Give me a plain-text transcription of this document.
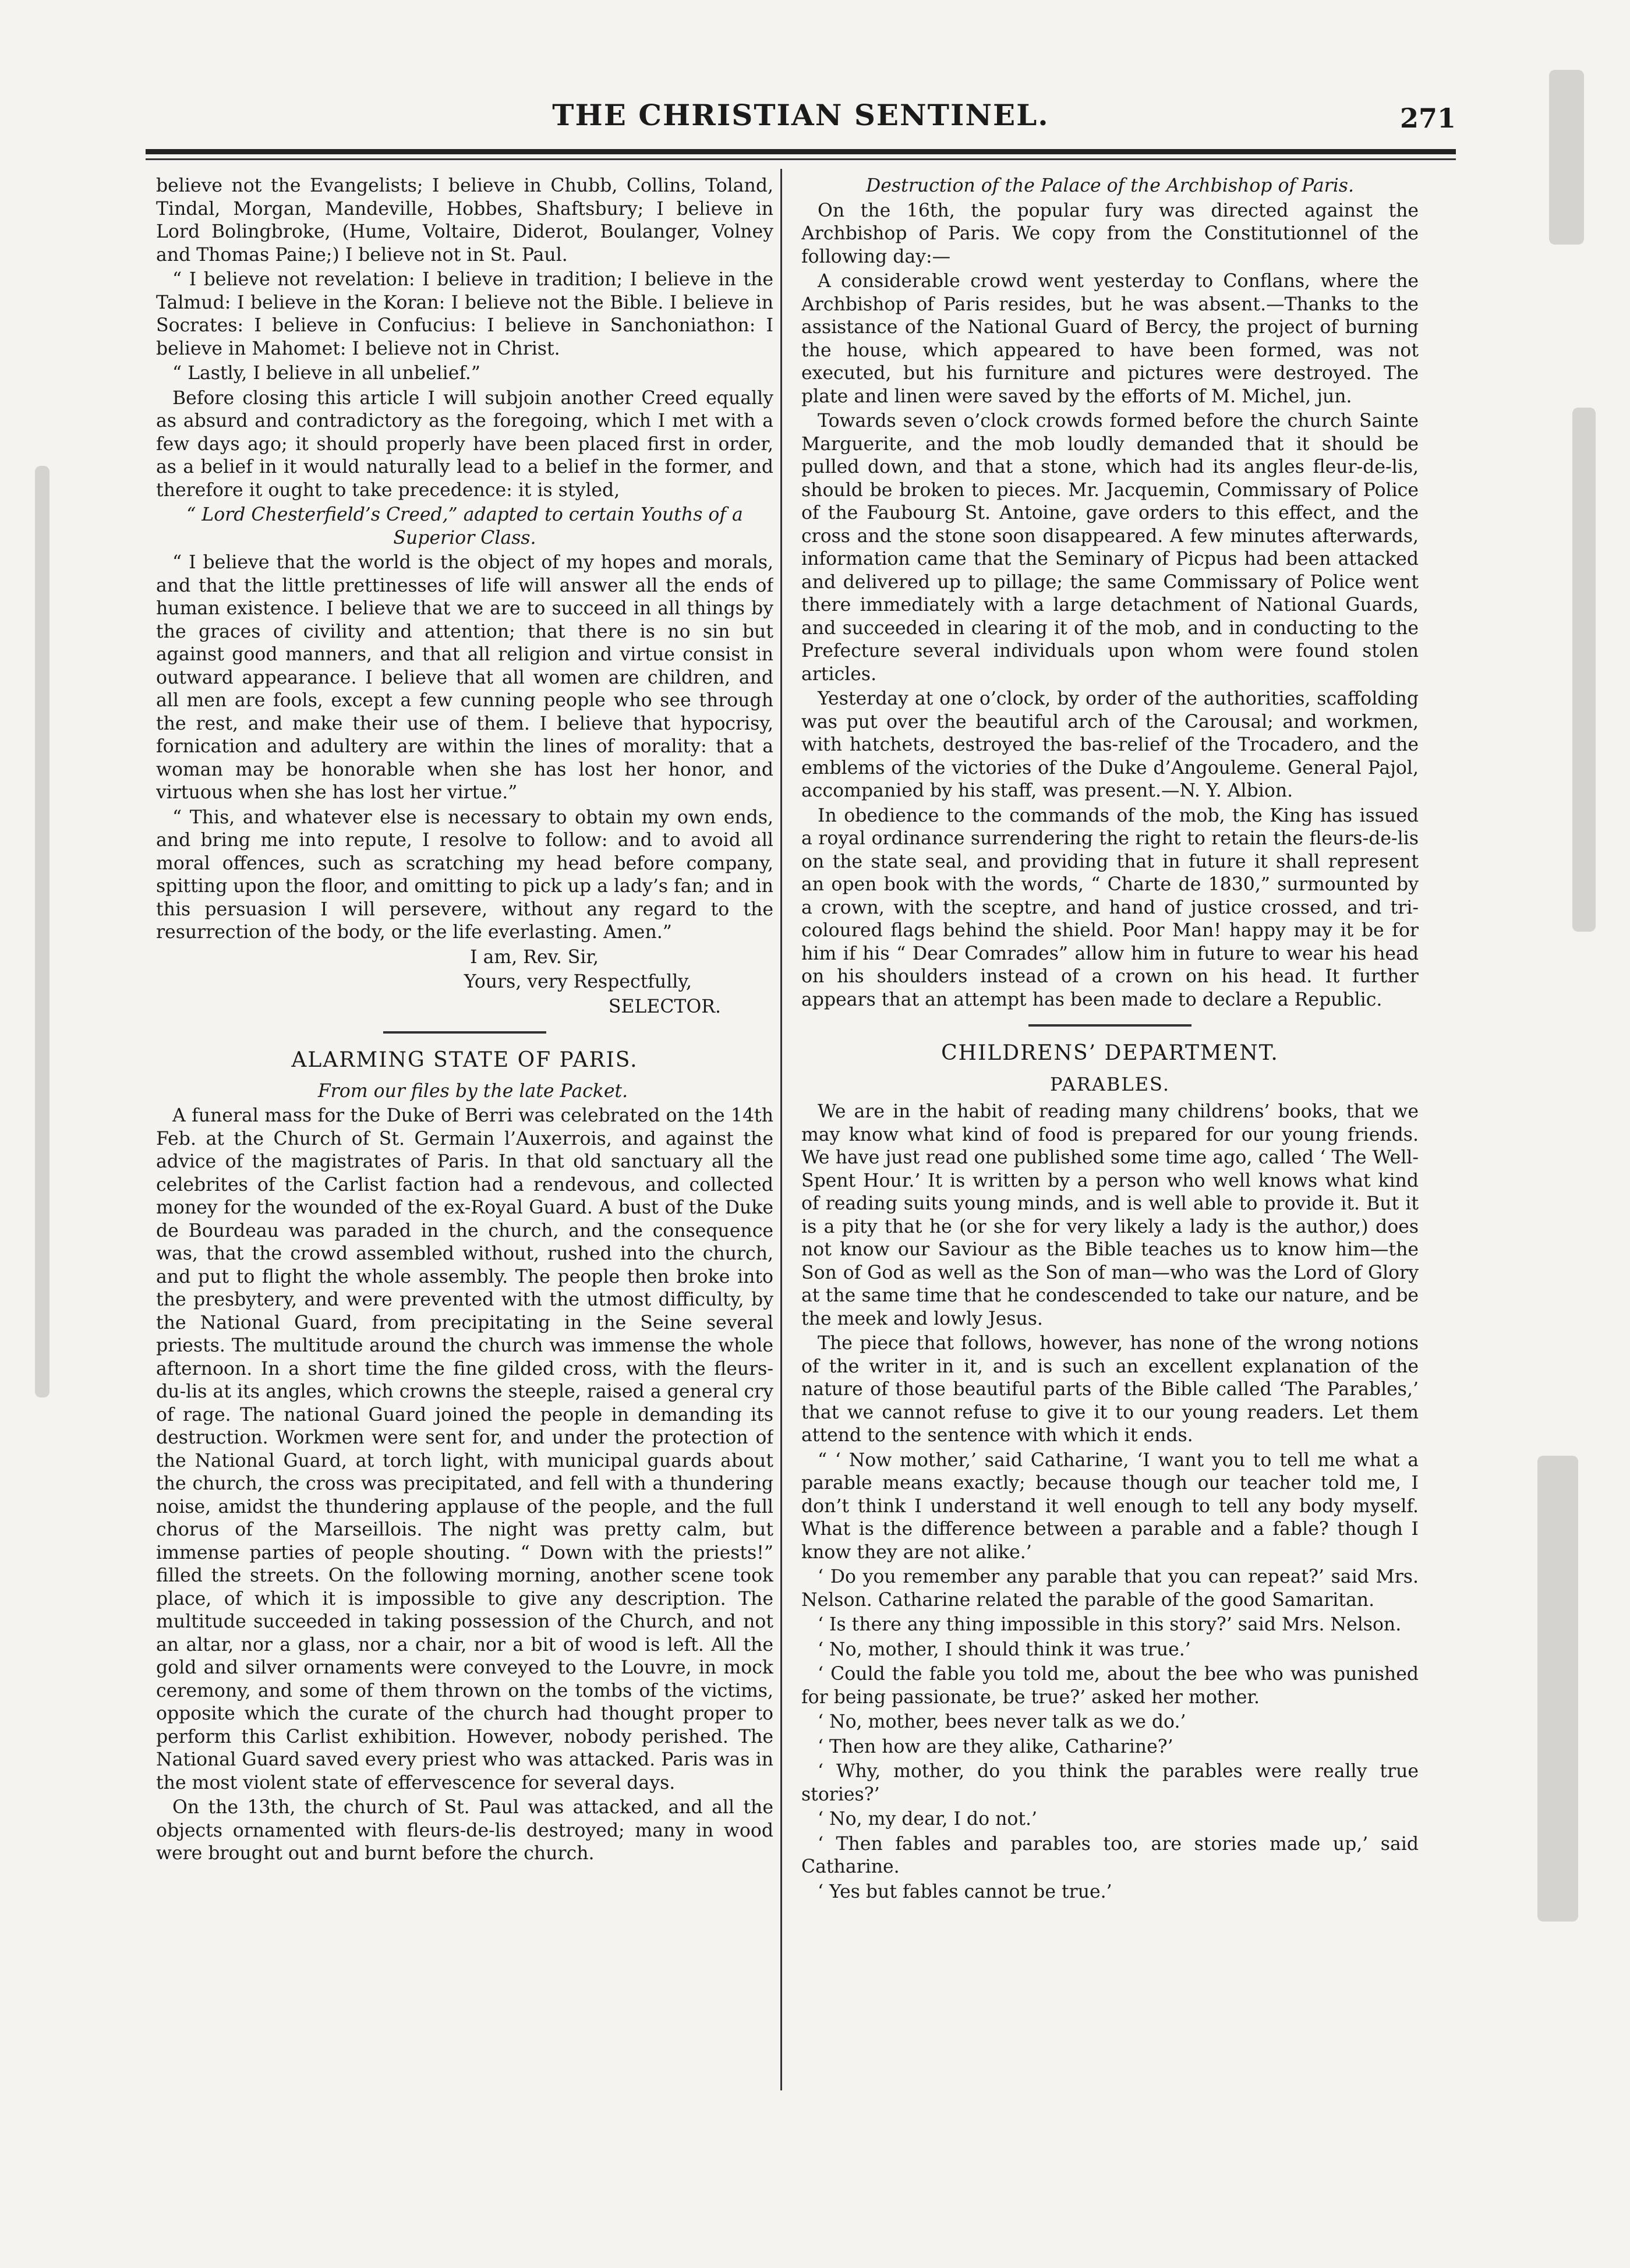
THE CHRISTIAN SENTINEL.	271

believe not the Evangelists; I believe in Chubb, Collins, Toland, Tindal, Morgan, Mandeville, Hobbes, Shaftsbury; I believe in Lord Bolingbroke, (Hume, Voltaire, Diderot, Boulanger, Volney and Thomas Paine;) I believe not in St. Paul.

“ I believe not revelation: I believe in tradition; I believe in the Talmud: I believe in the Koran: I believe not the Bible. I believe in Socrates: I believe in Confucius: I believe in Sanchoniathon: I believe in Mahomet: I believe not in Christ.

“ Lastly, I believe in all unbelief.”

Before closing this article I will subjoin another Creed equally as absurd and contradictory as the foregoing, which I met with a few days ago; it should properly have been placed first in order, as a belief in it would naturally lead to a belief in the former, and therefore it ought to take precedence: it is styled,

“ Lord Chesterfield’s Creed,” adapted to certain Youths of a Superior Class.

“ I believe that the world is the object of my hopes and morals, and that the little prettinesses of life will answer all the ends of human existence. I believe that we are to succeed in all things by the graces of civility and attention; that there is no sin but against good manners, and that all religion and virtue consist in outward appearance. I believe that all women are children, and all men are fools, except a few cunning people who see through the rest, and make their use of them. I believe that hypocrisy, fornication and adultery are within the lines of morality: that a woman may be honorable when she has lost her honor, and virtuous when she has lost her virtue.”

“ This, and whatever else is necessary to obtain my own ends, and bring me into repute, I resolve to follow: and to avoid all moral offences, such as scratching my head before company, spitting upon the floor, and omitting to pick up a lady’s fan; and in this persuasion I will persevere, without any regard to the resurrection of the body, or the life everlasting. Amen.”

I am, Rev. Sir,

Yours, very Respectfully,

SELECTOR.

ALARMING STATE OF PARIS.

From our files by the late Packet.

A funeral mass for the Duke of Berri was celebrated on the 14th Feb. at the Church of St. Germain l’Auxerrois, and against the advice of the magistrates of Paris. In that old sanctuary all the celebrites of the Carlist faction had a rendevous, and collected money for the wounded of the ex-Royal Guard. A bust of the Duke de Bourdeau was paraded in the church, and the consequence was, that the crowd assembled without, rushed into the church, and put to flight the whole assembly. The people then broke into the presbytery, and were prevented with the utmost difficulty, by the National Guard, from precipitating in the Seine several priests. The multitude around the church was immense the whole afternoon. In a short time the fine gilded cross, with the fleurs-du-lis at its angles, which crowns the steeple, raised a general cry of rage. The national Guard joined the people in demanding its destruction. Workmen were sent for, and under the protection of the National Guard, at torch light, with municipal guards about the church, the cross was precipitated, and fell with a thundering noise, amidst the thundering applause of the people, and the full chorus of the Marseillois. The night was pretty calm, but immense parties of people shouting. “ Down with the priests!” filled the streets. On the following morning, another scene took place, of which it is impossible to give any description. The multitude succeeded in taking possession of the Church, and not an altar, nor a glass, nor a chair, nor a bit of wood is left. All the gold and silver ornaments were conveyed to the Louvre, in mock ceremony, and some of them thrown on the tombs of the victims, opposite which the curate of the church had thought proper to perform this Carlist exhibition. However, nobody perished. The National Guard saved every priest who was attacked. Paris was in the most violent state of effervescence for several days.

On the 13th, the church of St. Paul was attacked, and all the objects ornamented with fleurs-de-lis destroyed; many in wood were brought out and burnt before the church.

Destruction of the Palace of the Archbishop of Paris.

On the 16th, the popular fury was directed against the Archbishop of Paris. We copy from the Constitutionnel of the following day:—

A considerable crowd went yesterday to Conflans, where the Archbishop of Paris resides, but he was absent.—Thanks to the assistance of the National Guard of Bercy, the project of burning the house, which appeared to have been formed, was not executed, but his furniture and pictures were destroyed. The plate and linen were saved by the efforts of M. Michel, jun.

Towards seven o’clock crowds formed before the church Sainte Marguerite, and the mob loudly demanded that it should be pulled down, and that a stone, which had its angles fleur-de-lis, should be broken to pieces. Mr. Jacquemin, Commissary of Police of the Faubourg St. Antoine, gave orders to this effect, and the cross and the stone soon disappeared. A few minutes afterwards, information came that the Seminary of Picpus had been attacked and delivered up to pillage; the same Commissary of Police went there immediately with a large detachment of National Guards, and succeeded in clearing it of the mob, and in conducting to the Prefecture several individuals upon whom were found stolen articles.

Yesterday at one o’clock, by order of the authorities, scaffolding was put over the beautiful arch of the Carousal; and workmen, with hatchets, destroyed the bas-relief of the Trocadero, and the emblems of the victories of the Duke d’Angouleme. General Pajol, accompanied by his staff, was present.—N. Y. Albion.

In obedience to the commands of the mob, the King has issued a royal ordinance surrendering the right to retain the fleurs-de-lis on the state seal, and providing that in future it shall represent an open book with the words, “ Charte de 1830,” surmounted by a crown, with the sceptre, and hand of justice crossed, and tri-coloured flags behind the shield. Poor Man! happy may it be for him if his “ Dear Comrades” allow him in future to wear his head on his shoulders instead of a crown on his head. It further appears that an attempt has been made to declare a Republic.

CHILDRENS’ DEPARTMENT.
PARABLES.

We are in the habit of reading many childrens’ books, that we may know what kind of food is prepared for our young friends. We have just read one published some time ago, called ‘ The Well-Spent Hour.’ It is written by a person who well knows what kind of reading suits young minds, and is well able to provide it. But it is a pity that he (or she for very likely a lady is the author,) does not know our Saviour as the Bible teaches us to know him—the Son of God as well as the Son of man—who was the Lord of Glory at the same time that he condescended to take our nature, and be the meek and lowly Jesus.

The piece that follows, however, has none of the wrong notions of the writer in it, and is such an excellent explanation of the nature of those beautiful parts of the Bible called ‘The Parables,’ that we cannot refuse to give it to our young readers. Let them attend to the sentence with which it ends.

“ ‘ Now mother,’ said Catharine, ‘I want you to tell me what a parable means exactly; because though our teacher told me, I don’t think I understand it well enough to tell any body myself. What is the difference between a parable and a fable? though I know they are not alike.’

‘ Do you remember any parable that you can repeat?’ said Mrs. Nelson. Catharine related the parable of the good Samaritan.

‘ Is there any thing impossible in this story?’ said Mrs. Nelson.

‘ No, mother, I should think it was true.’

‘ Could the fable you told me, about the bee who was punished for being passionate, be true?’ asked her mother.

‘ No, mother, bees never talk as we do.’

‘ Then how are they alike, Catharine?’

‘ Why, mother, do you think the parables were really true stories?’

‘ No, my dear, I do not.’

‘ Then fables and parables too, are stories made up,’ said Catharine.

‘ Yes but fables cannot be true.’
